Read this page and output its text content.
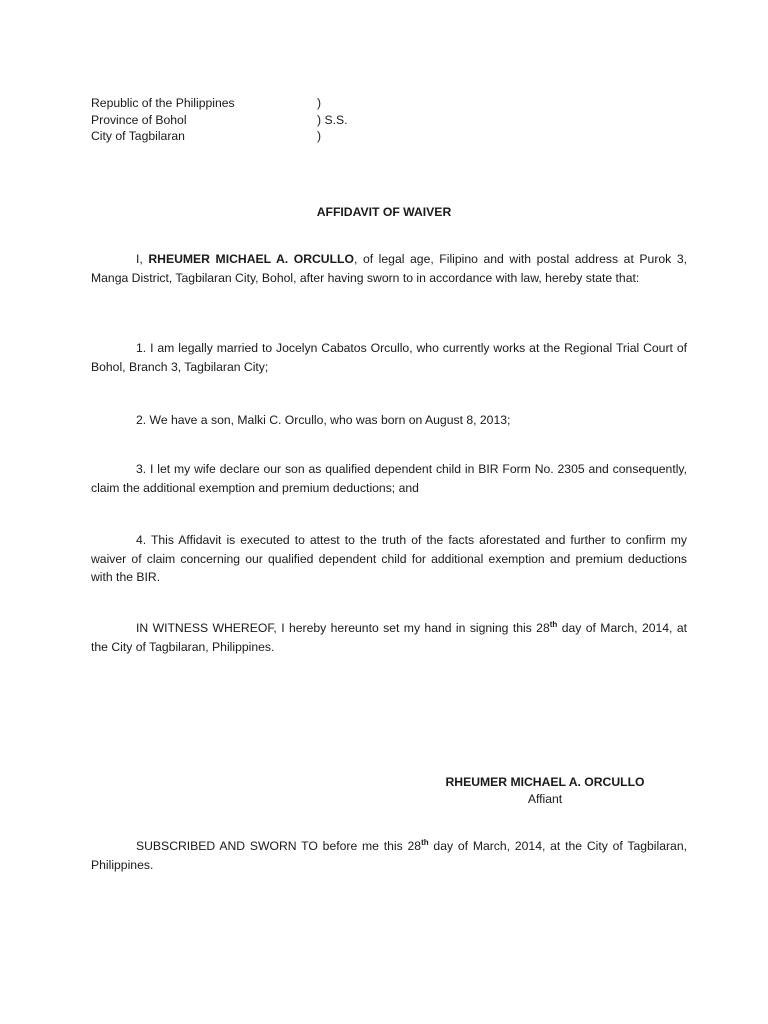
Republic of the Philippines	)
Province of Bohol	) S.S.
City of Tagbilaran	)
AFFIDAVIT OF WAIVER
I, RHEUMER MICHAEL A. ORCULLO, of legal age, Filipino and with postal address at Purok 3, Manga District, Tagbilaran City, Bohol, after having sworn to in accordance with law, hereby state that:
1. I am legally married to Jocelyn Cabatos Orcullo, who currently works at the Regional Trial Court of Bohol, Branch 3, Tagbilaran City;
2. We have a son, Malki C. Orcullo, who was born on August 8, 2013;
3. I let my wife declare our son as qualified dependent child in BIR Form No. 2305 and consequently, claim the additional exemption and premium deductions; and
4. This Affidavit is executed to attest to the truth of the facts aforestated and further to confirm my waiver of claim concerning our qualified dependent child for additional exemption and premium deductions with the BIR.
IN WITNESS WHEREOF, I hereby hereunto set my hand in signing this 28th day of March, 2014, at the City of Tagbilaran, Philippines.
RHEUMER MICHAEL A. ORCULLO
Affiant
SUBSCRIBED AND SWORN TO before me this 28th day of March, 2014, at the City of Tagbilaran, Philippines.
